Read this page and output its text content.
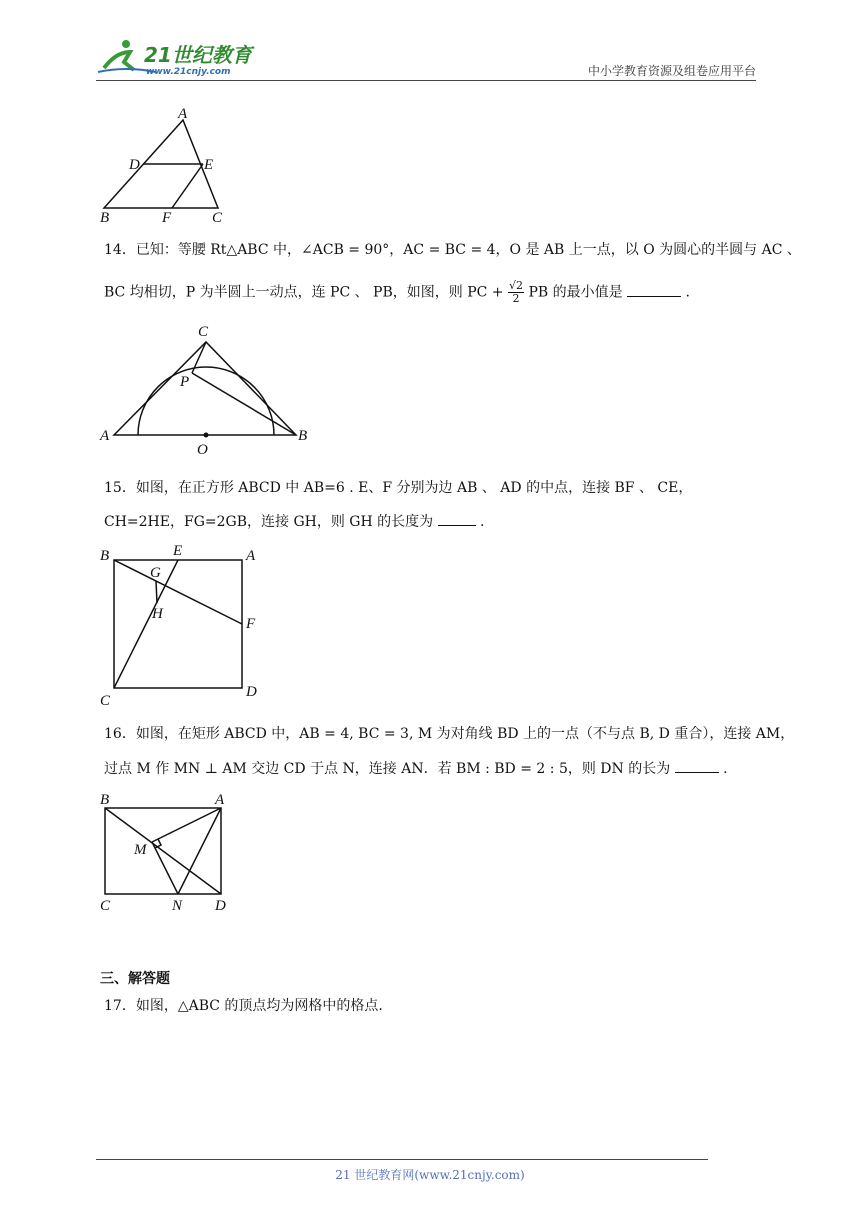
21世纪教育
www.21cnjy.com	中小学教育资源及组卷应用平台
A
D	E
B	F	C
14．已知：等腰 Rt△ABC 中，∠ACB = 90°，AC = BC = 4，O 是 AB 上一点，以 O 为圆心的半圆与 AC 、
BC 均相切，P 为半圆上一动点，连 PC 、 PB，如图，则 PC + $\frac{√2}{2}$ PB 的最小值是	.
C
P
A	B
O
15．如图，在正方形 ABCD 中 AB=6 . E、F 分别为边 AB 、 AD 的中点，连接 BF 、 CE，
CH=2HE，FG=2GB，连接 GH，则 GH 的长度为	.
B	E	A
G
H
F
C
D
16．如图，在矩形 ABCD 中，AB = 4, BC = 3, M 为对角线 BD 上的一点（不与点 B, D 重合），连接 AM，
过点 M 作 MN ⊥ AM 交边 CD 于点 N，连接 AN．若 BM : BD = 2 : 5，则 DN 的长为	.
B	A
M
C	N D
三、解答题
17．如图，△ABC 的顶点均为网格中的格点.
21 世纪教育网(www.21cnjy.com)
